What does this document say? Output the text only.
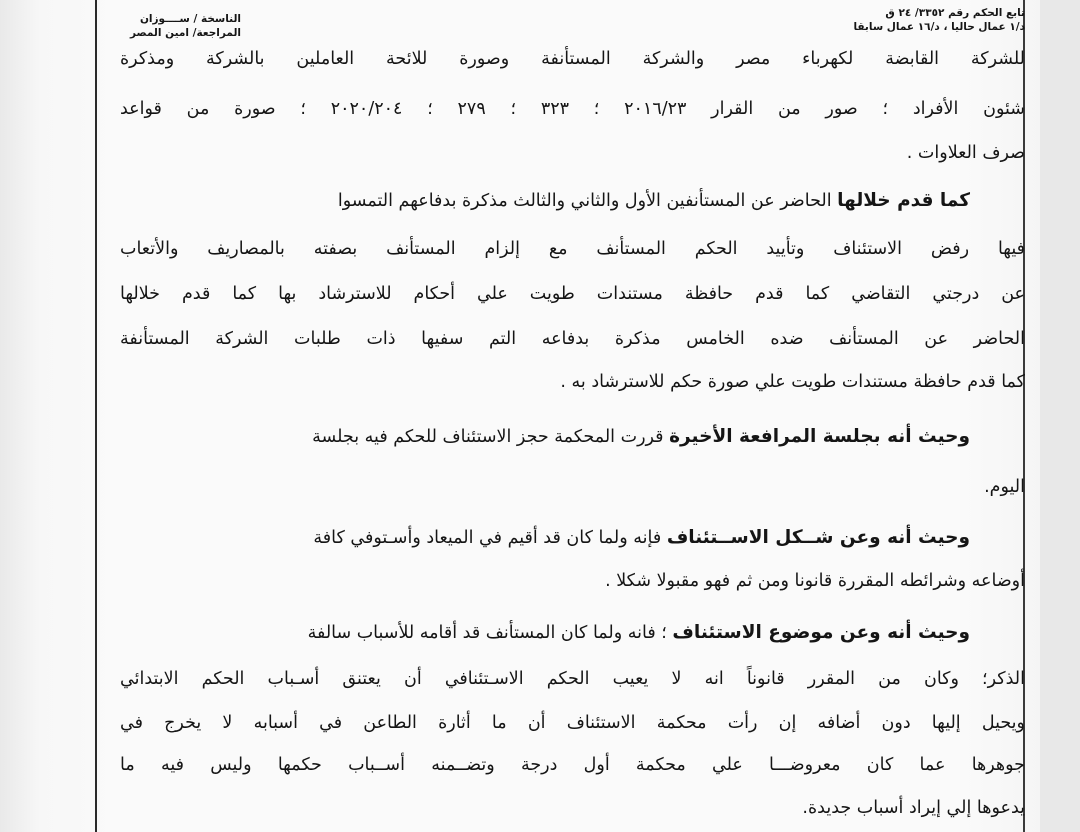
تابع الحكم رقم ٣٣٥٢/ ٢٤ ق
د/١ عمال حاليا ، د/١٦ عمال سابقا
الناسخة / ســــوزان
المراجعة/ امين المصر
للشركة القابضة لكهرباء مصر والشركة المستأنفة وصورة للائحة العاملين بالشركة ومذكرة
شئون الأفراد ؛ صور من القرار ٢٠١٦/٢٣ ؛ ٣٢٣ ؛ ٢٧٩ ؛ ٢٠٢٠/٢٠٤ ؛ صورة من قواعد
صرف العلاوات .
كما قدم خلالها الحاضر عن المستأنفين الأول والثاني والثالث مذكرة بدفاعهم التمسوا
فيها رفض الاستئناف وتأييد الحكم المستأنف مع إلزام المستأنف بصفته بالمصاريف والأتعاب
عن درجتي التقاضي كما قدم حافظة مستندات طويت علي أحكام للاسترشاد بها كما قدم خلالها
الحاضر عن المستأنف ضده الخامس مذكرة بدفاعه التم سفيها ذات طلبات الشركة المستأنفة
كما قدم حافظة مستندات طويت علي صورة حكم للاسترشاد به .
وحيث أنه بجلسة المرافعة الأخيرة قررت المحكمة حجز الاستئناف للحكم فيه بجلسة
اليوم.
وحيث أنه وعن شــكل الاســتئناف فإنه ولما كان قد أقيم في الميعاد وأسـتوفي كافة
أوضاعه وشرائطه المقررة قانونا ومن ثم فهو مقبولا شكلا .
وحيث أنه وعن موضوع الاستئناف ؛ فانه ولما كان المستأنف قد أقامه للأسباب سالفة
الذكر؛ وكان من المقرر قانوناً انه لا يعيب الحكم الاسـتئنافي أن يعتنق أسـباب الحكم الابتدائي
ويحيل إليها دون أضافه إن رأت محكمة الاستئناف أن ما أثارة الطاعن في أسبابه لا يخرج في
جوهرها عما كان معروضـــا علي محكمة أول درجة وتضــمنه أســباب حكمها وليس فيه ما
يدعوها إلي إيراد أسباب جديدة.
